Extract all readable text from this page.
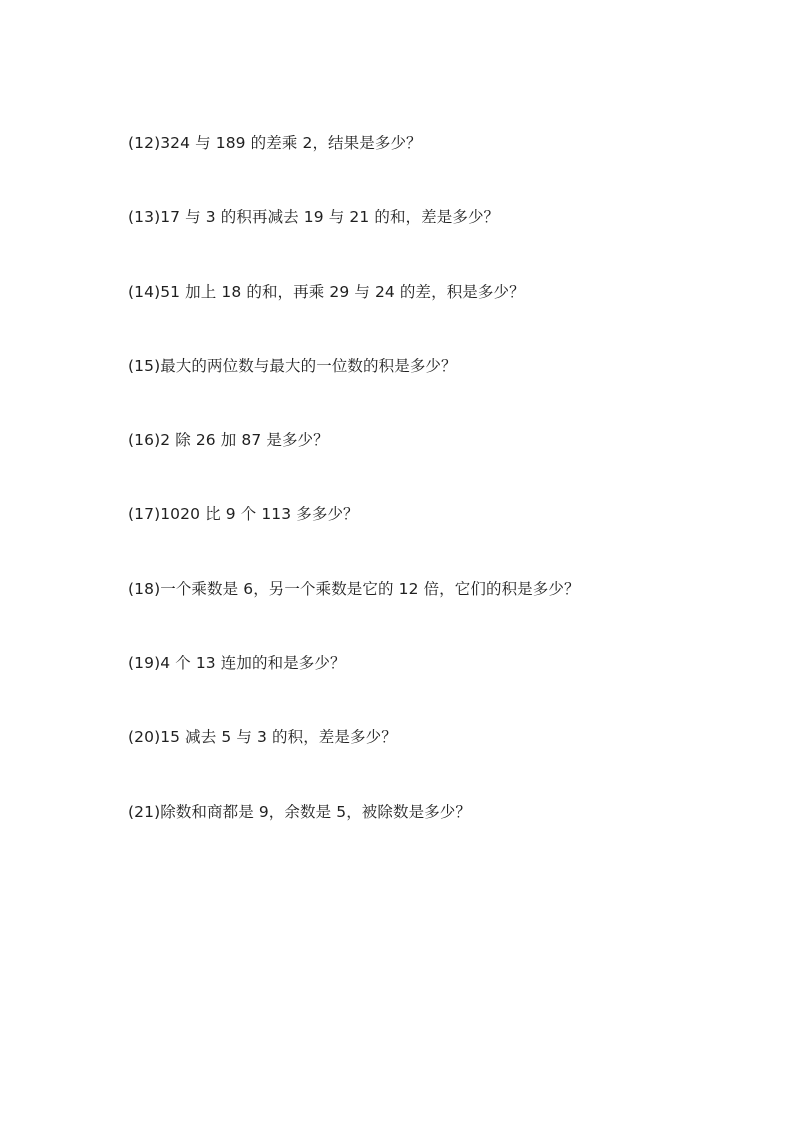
(12)324 与 189 的差乘 2，结果是多少？
(13)17 与 3 的积再减去 19 与 21 的和，差是多少？
(14)51 加上 18 的和，再乘 29 与 24 的差，积是多少？
(15)最大的两位数与最大的一位数的积是多少？
(16)2 除 26 加 87 是多少？
(17)1020 比 9 个 113 多多少？
(18)一个乘数是 6，另一个乘数是它的 12 倍，它们的积是多少？
(19)4 个 13 连加的和是多少？
(20)15 减去 5 与 3 的积，差是多少？
(21)除数和商都是 9，余数是 5，被除数是多少？
